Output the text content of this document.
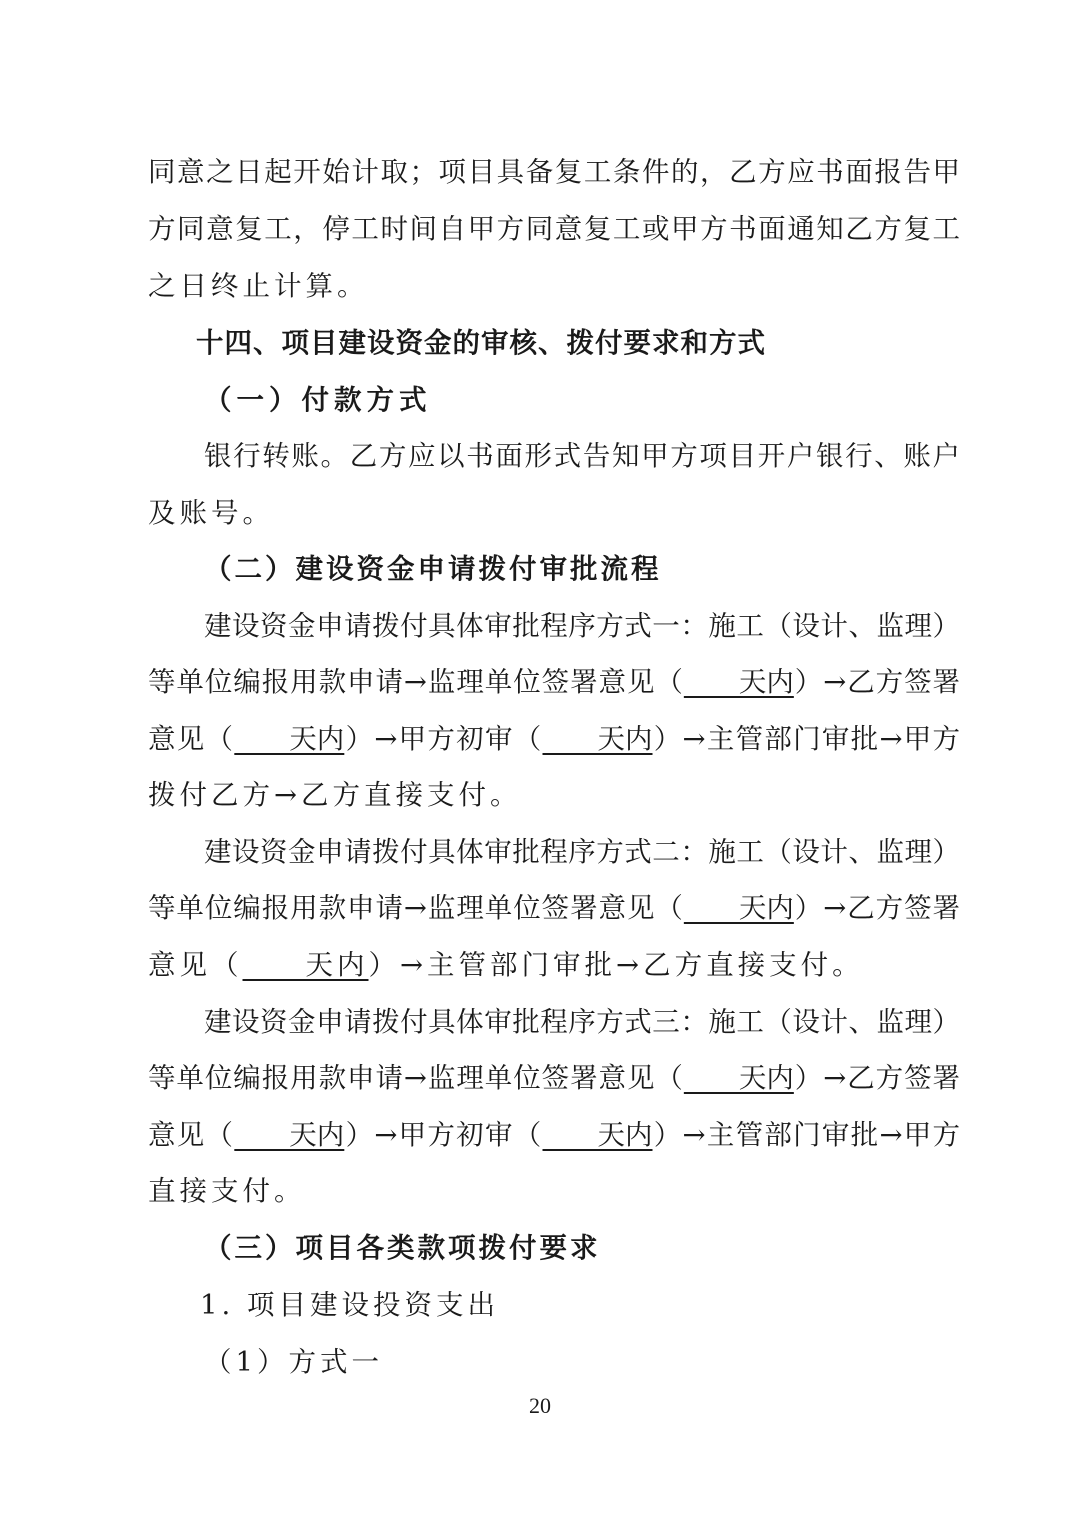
同意之日起开始计取；项目具备复工条件的，乙方应书面报告甲
方同意复工，停工时间自甲方同意复工或甲方书面通知乙方复工
之日终止计算。
十四、项目建设资金的审核、拨付要求和方式
（一）付款方式
银行转账。乙方应以书面形式告知甲方项目开户银行、账户
及账号。
（二）建设资金申请拨付审批流程
建设资金申请拨付具体审批程序方式一：施工（设计、监理）
等单位编报用款申请→监理单位签署意见（　　天内）→乙方签署
意见（　　天内）→甲方初审（　　天内）→主管部门审批→甲方
拨付乙方→乙方直接支付。
建设资金申请拨付具体审批程序方式二：施工（设计、监理）
等单位编报用款申请→监理单位签署意见（　　天内）→乙方签署
意见（　　天内）→主管部门审批→乙方直接支付。
建设资金申请拨付具体审批程序方式三：施工（设计、监理）
等单位编报用款申请→监理单位签署意见（　　天内）→乙方签署
意见（　　天内）→甲方初审（　　天内）→主管部门审批→甲方
直接支付。
（三）项目各类款项拨付要求
1. 项目建设投资支出
（1）方式一
20
